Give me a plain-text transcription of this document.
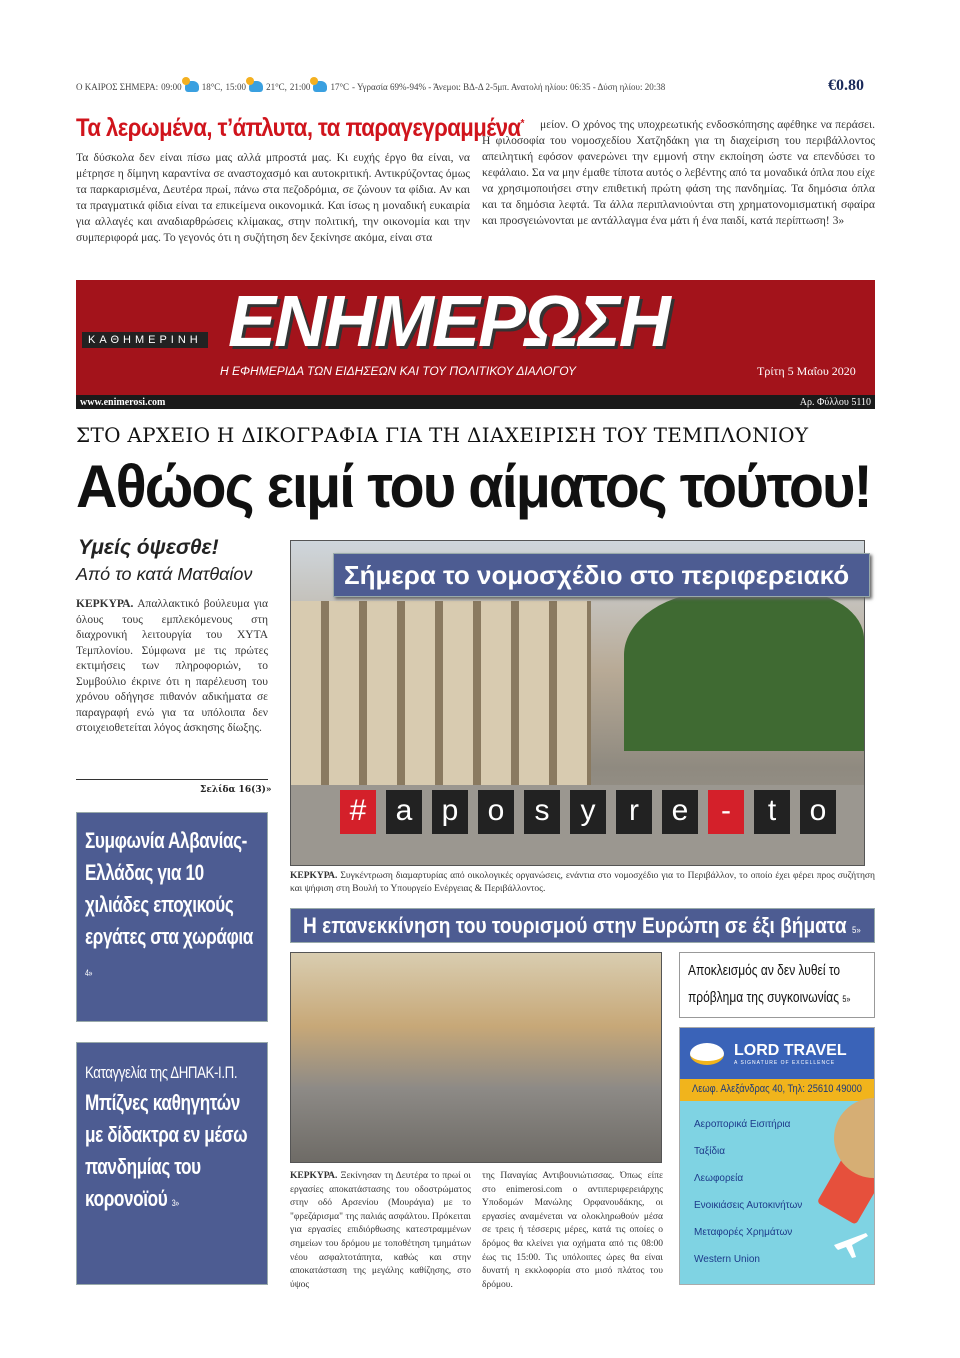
Ο ΚΑΙΡΟΣ ΣΗΜΕΡΑ: 09:00 18°C, 15:00 21°C, 21:00 17°C - Υγρασία 69%-94% - Άνεμοι: ΒΔ-Δ 2-5μπ. Ανατολή ηλίου: 06:35 - Δύση ηλίου: 20:38	€0.80
Τα λερωμένα, τ’άπλυτα, τα παραγεγραμμένα*
Τα δύσκολα δεν είναι πίσω μας αλλά μπροστά μας. Κι ευχής έργο θα είναι, να μέτρησε η δίμηνη καραντίνα σε αναστοχασμό και αυτοκριτική. Αντικρύζοντας όμως τα παρκαρισμένα, Δευτέρα πρωί, πάνω στα πεζοδρόμια, σε ζώνουν τα φίδια. Αν και τα πραγματικά φίδια είναι τα επικείμενα οικονομικά. Και ίσως η μοναδική ευκαιρία για αλλαγές και αναδιαρθρώσεις κλίμακας, στην πολιτική, την οικονομία και την συμπεριφορά μας. Το γεγονός ότι η συζήτηση δεν ξεκίνησε ακόμα, είναι στα
μείον. Ο χρόνος της υποχρεωτικής ενδοσκόπησης αφέθηκε να περάσει. Η φιλοσοφία του νομοσχεδίου Χατζηδάκη για τη διαχείριση του περιβάλλοντος απειλητική εφόσον φανερώνει την εμμονή στην εκποίηση ώστε να επενδύσει το κεφάλαιο. Σα να μην έμαθε τίποτα αυτός ο λεβέντης από τα μοναδικά όπλα που είχε να χρησιμοποιήσει στην επιθετική πρώτη φάση της πανδημίας. Τα δημόσια όπλα και τα δημόσια λεφτά. Τα άλλα περιπλανιούνται στη χρηματονομισματική σφαίρα και προσγειώνονται με αντάλλαγμα ένα μάτι ή ένα παιδί, κατά περίπτωση! 3»
ΕΝΗΜΕΡΩΣΗ
ΚΑΘΗΜΕΡΙΝΗ
Η ΕΦΗΜΕΡΙΔΑ ΤΩΝ ΕΙΔΗΣΕΩΝ ΚΑΙ ΤΟΥ ΠΟΛΙΤΙΚΟΥ ΔΙΑΛΟΓΟΥ	Τρίτη 5 Μαΐου 2020
www.enimerosi.com	Αρ. Φύλλου 5110
ΣΤΟ ΑΡΧΕΙΟ Η ΔΙΚΟΓΡΑΦΙΑ ΓΙΑ ΤΗ ΔΙΑΧΕΙΡΙΣΗ ΤΟΥ ΤΕΜΠΛΟΝΙΟΥ
Αθώος ειμί του αίματος τούτου!
Υμείς όψεσθε!
Από το κατά Ματθαίον
ΚΕΡΚΥΡΑ. Απαλλακτικό βούλευμα για όλους τους εμπλεκόμενους στη διαχρονική λειτουργία του ΧΥΤΑ Τεμπλονίου. Σύμφωνα με τις πρώτες εκτιμήσεις των πληροφοριών, το Συμβούλιο έκρινε ότι η παρέλευση του χρόνου οδήγησε πιθανόν αδικήματα σε παραγραφή ενώ για τα υπόλοιπα δεν στοιχειοθετείται λόγος άσκησης δίωξης.
Σελίδα 16(3)»
# a p o	s	y	r	e	-	t	o
Σήμερα το νομοσχέδιο στο περιφερειακό
ΚΕΡΚΥΡΑ. Συγκέντρωση διαμαρτυρίας από οικολογικές οργανώσεις, ενάντια στο νομοσχέδιο για το Περιβάλλον, το οποίο έχει φέρει προς συζήτηση και ψήφιση στη Βουλή το Υπουργείο Ενέργειας & Περιβάλλοντος.
Η επανεκκίνηση του τουρισμού στην Ευρώπη σε έξι βήματα 5»
Συμφωνία Αλβανίας-Ελλάδας για 10 χιλιάδες εποχικούς εργάτες στα χωράφια 4»
Καταγγελία της ΔΗΠΑΚ-Ι.Π.
Μπίζνες καθηγητών με δίδακτρα εν μέσω πανδημίας του κορονοϊού 3»
ΚΕΡΚΥΡΑ. Ξεκίνησαν τη Δευτέρα το πρωί οι εργασίες αποκατάστασης του οδοστρώματος στην οδό Αρσενίου (Μουράγια) με το "φρεζάρισμα" της παλιάς ασφάλτου. Πρόκειται για εργασίες επιδιόρθωσης κατεστραμμένων σημείων του δρόμου με τοποθέτηση τμημάτων νέου ασφαλτοτάπητα, καθώς και στην αποκατάσταση της μεγάλης καθίζησης, στο ύψος
της Παναγίας Αντιβουνιώτισσας. Όπως είπε στο enimerosi.com ο αντιπεριφερειάρχης Υποδομών Μανώλης Ορφανουδάκης, οι εργασίες αναμένεται να ολοκληρωθούν μέσα σε τρεις ή τέσσερις μέρες, κατά τις οποίες ο δρόμος θα κλείνει για οχήματα από τις 08:00 έως τις 15:00. Τις υπόλοιπες ώρες θα είναι δυνατή η εκκλοφορία στο μισό πλάτος του δρόμου.
Αποκλεισμός αν δεν λυθεί το πρόβλημα της συγκοινωνίας 5»
LORD TRAVEL
A SIGNATURE OF EXCELLENCE
Λεωφ. Αλεξάνδρας 40, Τηλ: 25610 49000
Αεροπορικά Εισιτήρια
Ταξίδια
Λεωφορεία
Ενοικιάσεις Αυτοκινήτων
Μεταφορές Χρημάτων
Western Union
